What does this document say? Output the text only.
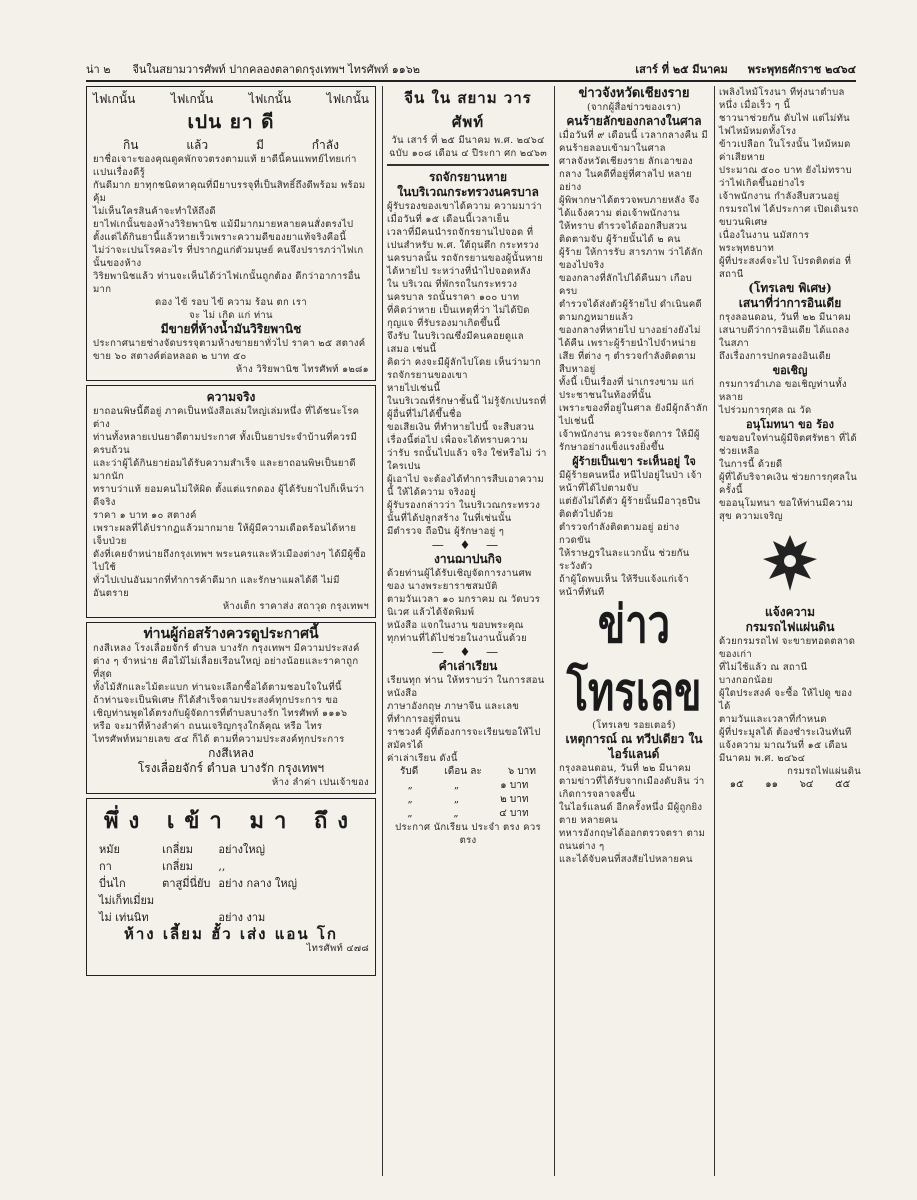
น่า ๒ จีนในสยามวารศัพท์ ปากคลองตลาดกรุงเทพฯ ไทรศัพท์ ๑๑๖๒	เสาร์ ที่ ๒๕ มีนาคม พระพุทธศักราช ๒๔๖๔
ไฟเกนั้น	ไฟเกนั้น	ไฟเกนั้น	ไฟเกนั้น
เปน ยา ดี
กิน	แล้ว	มี	กำลัง
ยาชื่อเจาะของคุณดูคพักจวตรงตามแท้ ยาดีนี้คนแพทย์ไทยเก่าเเปนเรื่องดีรู้
กันดีมาก ยาทุกชนิดหาคุณที่มียาบรรจุที่เป็นสิทธิ์ถึงดีพร้อม พร้อมคุ้ม
ไม่เห็นใครสินค้าจะทำให้ถึงดี
ยาไฟเกนั้นของห้างวิริยพานิช แม้มีมากมายหลายคนสั่งตรงไป
ตั้งแต่ได้กินยานี้แล้วหายเร็วเพราะความดีของยาแท้จริงคือนี้
ไม่ว่าจะเปนโรคอะไร ที่ปรากฏแก่ตัวมนุษย์ คนจึงปรารภว่าไฟเกนั้นของห้าง
วิริยพานิชแล้ว ท่านจะเห็นได้ว่าไฟเกนั้นถูกต้อง ดีกว่าอาการอื่นมาก
ดอง ไข้ รอบ ไข้ ความ ร้อน ตก เรา
จะ ไม่ เกิด แก่ ท่าน
มีขายที่ห้างน้ำมันวิริยพานิช
ประกาศนายช่างจัดบรรจุตามห้างขายยาทั่วไป ราคา ๒๕ สตางค์
ขาย ๖๐ สตางค์ต่อหลอด ๒ บาท ๕๐
ห้าง วิริยพานิช ไทรศัพท์ ๑๒๘๑
ความจริง
ยาถอนพิษนี้ดีอยู่ ภาคเป็นหนังสือเล่มใหญ่เล่มหนึ่ง ที่ได้ชนะโรคต่าง
ท่านทั้งหลายเปนยาดีตามประกาศ ทั้งเป็นยาประจำบ้านที่ควรมีครบถ้วน
และว่าผู้ได้กินยาย่อมได้รับความสำเร็จ และยาถอนพิษเป็นยาดีมากนัก
ทราบว่าแท้ ยอมคนไม่ให้ผิด ตั้งแต่แรกดอง ผู้ได้รับยาไปก็เห็นว่าดีจริง
ราคา ๑ บาท ๑๐ สตางค์
เพราะผลที่ได้ปรากฏแล้วมากมาย ให้ผู้มีความเดือดร้อนได้หายเจ็บป่วย
ดังที่เคยจำหน่ายถึงกรุงเทพฯ พระนครและหัวเมืองต่างๆ ได้มีผู้ซื้อไปใช้
ทั่วไปเปนอันมากที่ทำการค้าดีมาก และรักษาแผลได้ดี ไม่มีอันตราย
ห้างเต็ก ราคาส่ง สถาวุด กรุงเทพฯ
ท่านผู้ก่อสร้างควรดูประกาศนี้
กงสีเหลง โรงเลื่อยจักร์ ตำบล บางรัก กรุงเทพฯ มีความประสงค์
ต่าง ๆ จำหน่าย คือไม้ไม่เลื่อยเรือนใหญ่ อย่างน้อยและราคาถูกที่สุด
ทั้งไม้สักและไม้ตะแบก ท่านจะเลือกซื้อได้ตามชอบใจในที่นี้
ถ้าท่านจะเป็นพิเศษ ก็ได้สำเร็จตามประสงค์ทุกประการ ขอ
เชิญท่านพูดได้ตรงกับผู้จัดการที่ตำบลบางรัก ไทรศัพท์ ๑๑๑๖
หรือ จะมาที่ห้างลำค่า ถนนเจริญกรุงใกล้คุณ หรือ ไทร
ไทรศัพท์หมายเลข ๕๔ ก็ได้ ตามที่ความประสงค์ทุกประการ
กงสีเหลง
โรงเลื่อยจักร์ ตำบล บางรัก กรุงเทพฯ
ห้าง ลำค่า เปนเจ้าของ
พึ่ง เข้า มา ถึง
หมัย	เกลี่ยม	อย่างใหญ่
กา	เกลี่ยม	,,
บี่นไก	ตาสูมี่นี่ยับ	อย่าง กลาง ใหญ่
ไม่เก็ทเมี่ยม		
ไม่ เท่นนิท		อย่าง งาม
ห้าง เลี้ยม ฮั้ว เส่ง แอน โก
ไทรศัพท์ ๔๗๘
จีน ใน สยาม วาร ศัพท์
วัน เสาร์ ที่ ๒๕ มีนาคม พ.ศ. ๒๔๖๔
ฉบับ ๑๐๘ เดือน ๔ ปีระกา ศก ๒๔๖๓
รถจักรยานหาย
ในบริเวณกระทรวงนครบาล
ผู้รับรองของเขาได้ความ ความมาว่า เมื่อวันที่ ๑๕ เดือนนี้เวลาเย็น
เวลาที่มีคนนำรถจักรยานไปจอด ที่เปนสำหรับ พ.ศ. ใต้ถุนตึก กระทรวง
นครบาลนั้น รถจักรยานของผู้นั้นหาย ได้หายไป ระหว่างที่นำไปจอดหลัง
ใน บริเวณ ที่พักรถในกระทรวงนครบาล รถนั้นราคา ๑๐๐ บาท
ที่คิดว่าหาย เป็นเหตุที่ว่า ไม่ได้ปิดกุญแจ ที่รับรองมาเกิดขึ้นนี้
จึงรับ ในบริเวณซึ่งมีคนคอยดูแล เสมอ เช่นนี้
คิดว่า คงจะมีผู้ลักไปโดย เห็นว่ามาก รถจักรยานของเขา
หายไปเช่นนี้
ในบริเวณที่รักษาชั้นนี้ ไม่รู้จักเปนรถที่ผู้อื่นที่ไม่ได้ขึ้นชื่อ
ขอเสียเงิน ที่ทำหายไปนี้ จะสืบสวน เรื่องนี้ต่อไป เพื่อจะได้ทราบความ
ว่ารับ รถนั้นไปแล้ว จริง ใช่หรือไม่ ว่าใครเปน
ผู้เอาไป จะต้องได้ทำการสืบเอาความนี้ ให้ได้ความ จริงอยู่
ผู้รับรองกล่าวว่า ในบริเวณกระทรวงนั้นที่ได้ปลูกสร้าง ในที่เช่นนั้น
มีตำรวจ ถือปืน ผู้รักษาอยู่ ๆ
— ♦ —
งานฌาปนกิจ
ด้วยท่านผู้ได้รับเชิญจัดการงานศพของ นางพระยาราชสมบัติ
ตามวันเวลา ๑๐ มกราคม ณ วัดบวรนิเวศ แล้วได้จัดพิมพ์
หนังสือ แจกในงาน ขอบพระคุณ
ทุกท่านที่ได้ไปช่วยในงานนั้นด้วย
— ♦ —
คำเล่าเรียน
เรียนทุก ท่าน ให้ทราบว่า ในการสอนหนังสือ
ภาษาอังกฤษ ภาษาจีน และเลข ที่ทำการอยู่ที่ถนน
ราชวงศ์ ผู้ที่ต้องการจะเรียนขอให้ไปสมัครได้
ค่าเล่าเรียน ดังนี้
รับดี	เดือน ละ	๖ บาท
„	„	๑ บาท
„	„	๒ บาท
„	„	๔ บาท
ประกาศ นักเรียน ประจำ ตรง ควรตรง
ข่าวจังหวัดเชียงราย
(จากผู้สื่อข่าวของเรา)
คนร้ายลักของกลางในศาล
เมื่อวันที่ ๙ เดือนนี้ เวลากลางคืน มีคนร้ายลอบเข้ามาในศาล
ศาลจังหวัดเชียงราย ลักเอาของกลาง ในคดีที่อยู่ที่ศาลไป หลายอย่าง
ผู้พิพากษาได้ตรวจพบภายหลัง จึงได้แจ้งความ ต่อเจ้าพนักงาน
ให้ทราบ ตำรวจได้ออกสืบสวน ติดตามจับ ผู้ร้ายนั้นได้ ๒ คน
ผู้ร้าย ให้การรับ สารภาพ ว่าได้ลักของไปจริง
ของกลางที่ลักไปได้คืนมา เกือบครบ
ตำรวจได้ส่งตัวผู้ร้ายไป ดำเนินคดี ตามกฎหมายแล้ว
ของกลางที่หายไป บางอย่างยังไม่ได้คืน เพราะผู้ร้ายนำไปจำหน่าย
เสีย ที่ต่าง ๆ ตำรวจกำลังติดตามสืบหาอยู่
ทั้งนี้ เป็นเรื่องที่ น่าเกรงขาม แก่ประชาชนในท้องที่นั้น
เพราะของที่อยู่ในศาล ยังมีผู้กล้าลักไปเช่นนี้
เจ้าพนักงาน ควรจะจัดการ ให้มีผู้รักษาอย่างแข็งแรงยิ่งขึ้น
ผู้ร้ายเป็นเขา ระเห็นอยู่ ใจ
มีผู้ร้ายคนหนึ่ง หนีไปอยู่ในป่า เจ้าหน้าที่ได้ไปตามจับ
แต่ยังไม่ได้ตัว ผู้ร้ายนั้นมีอาวุธปืนติดตัวไปด้วย
ตำรวจกำลังติดตามอยู่ อย่างกวดขัน
ให้ราษฎรในละแวกนั้น ช่วยกันระวังตัว
ถ้าผู้ใดพบเห็น ให้รีบแจ้งแก่เจ้าหน้าที่ทันที
ข่าวโทรเลข
(โทรเลข รอยเตอร์)
เหตุการณ์ ณ ทวีปเดียว ในไอร์แลนด์
กรุงลอนดอน, วันที่ ๒๒ มีนาคม
ตามข่าวที่ได้รับจากเมืองดับลิน ว่าเกิดการจลาจลขึ้น
ในไอร์แลนด์ อีกครั้งหนึ่ง มีผู้ถูกยิงตาย หลายคน
ทหารอังกฤษได้ออกตรวจตรา ตามถนนต่าง ๆ
และได้จับคนที่สงสัยไปหลายคน
เพลิงไหม้โรงนา ที่ทุ่งนาตำบลหนึ่ง เมื่อเร็ว ๆ นี้
ชาวนาช่วยกัน ดับไฟ แต่ไม่ทัน ไฟไหม้หมดทั้งโรง
ข้าวเปลือก ในโรงนั้น ไหม้หมด ค่าเสียหาย
ประมาณ ๕๐๐ บาท ยังไม่ทราบว่าไฟเกิดขึ้นอย่างไร
เจ้าพนักงาน กำลังสืบสวนอยู่
กรมรถไฟ ได้ประกาศ เปิดเดินรถ ขบวนพิเศษ
เนื่องในงาน นมัสการพระพุทธบาท
ผู้ที่ประสงค์จะไป โปรดติดต่อ ที่สถานี
(โทรเลข พิเศษ)
เสนาที่ว่าการอินเดีย
กรุงลอนดอน, วันที่ ๒๒ มีนาคม
เสนาบดีว่าการอินเดีย ได้แถลงในสภา
ถึงเรื่องการปกครองอินเดีย
ขอเชิญ
กรมการอำเภอ ขอเชิญท่านทั้งหลาย
ไปร่วมการกุศล ณ วัด
อนุโมทนา ขอ ร้อง
ขอขอบใจท่านผู้มีจิตศรัทธา ที่ได้ช่วยเหลือ
ในการนี้ ด้วยดี
ผู้ที่ได้บริจาคเงิน ช่วยการกุศลในครั้งนี้
ขออนุโมทนา ขอให้ท่านมีความสุข ความเจริญ
แจ้งความ
กรมรถไฟแผ่นดิน
ด้วยกรมรถไฟ จะขายทอดตลาด ของเก่า
ที่ไม่ใช้แล้ว ณ สถานี บางกอกน้อย
ผู้ใดประสงค์ จะซื้อ ให้ไปดู ของได้
ตามวันและเวลาที่กำหนด
ผู้ที่ประมูลได้ ต้องชำระเงินทันที
แจ้งความ มาณวันที่ ๑๕ เดือนมีนาคม พ.ศ. ๒๔๖๔
กรมรถไฟแผ่นดิน
๑๕ ๑๑ ๖๔ ๕๕
